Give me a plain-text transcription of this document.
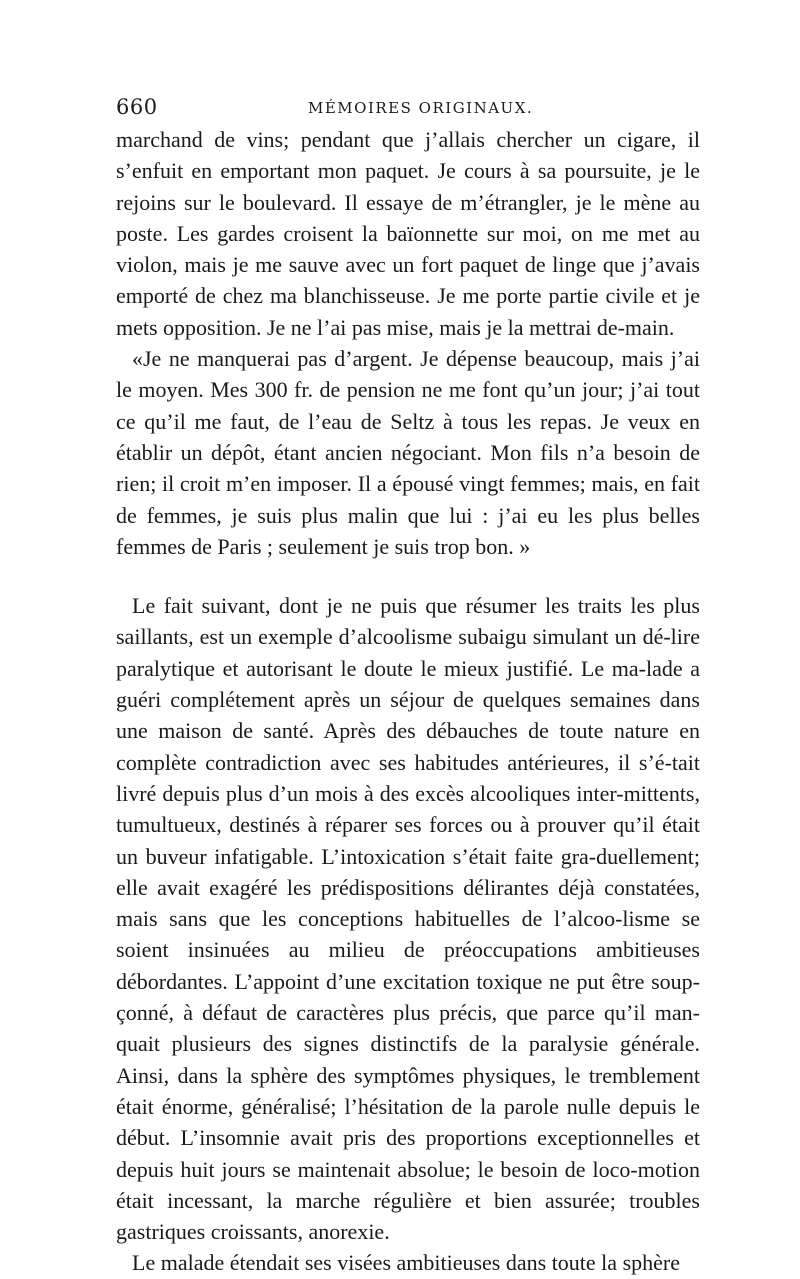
660	MÉMOIRES ORIGINAUX.

marchand de vins; pendant que j’allais chercher un cigare, il s’enfuit en emportant mon paquet. Je cours à sa poursuite, je le rejoins sur le boulevard. Il essaye de m’étrangler, je le mène au poste. Les gardes croisent la baïonnette sur moi, on me met au violon, mais je me sauve avec un fort paquet de linge que j’avais emporté de chez ma blanchisseuse. Je me porte partie civile et je mets opposition. Je ne l’ai pas mise, mais je la mettrai de-main.

«Je ne manquerai pas d’argent. Je dépense beaucoup, mais j’ai le moyen. Mes 300 fr. de pension ne me font qu’un jour; j’ai tout ce qu’il me faut, de l’eau de Seltz à tous les repas. Je veux en établir un dépôt, étant ancien négociant. Mon fils n’a besoin de rien; il croit m’en imposer. Il a épousé vingt femmes; mais, en fait de femmes, je suis plus malin que lui : j’ai eu les plus belles femmes de Paris ; seulement je suis trop bon. »

Le fait suivant, dont je ne puis que résumer les traits les plus saillants, est un exemple d’alcoolisme subaigu simulant un dé-lire paralytique et autorisant le doute le mieux justifié. Le ma-lade a guéri complétement après un séjour de quelques semaines dans une maison de santé. Après des débauches de toute nature en complète contradiction avec ses habitudes antérieures, il s’é-tait livré depuis plus d’un mois à des excès alcooliques inter-mittents, tumultueux, destinés à réparer ses forces ou à prouver qu’il était un buveur infatigable. L’intoxication s’était faite gra-duellement; elle avait exagéré les prédispositions délirantes déjà constatées, mais sans que les conceptions habituelles de l’alcoo-lisme se soient insinuées au milieu de préoccupations ambitieuses débordantes. L’appoint d’une excitation toxique ne put être soup-çonné, à défaut de caractères plus précis, que parce qu’il man-quait plusieurs des signes distinctifs de la paralysie générale. Ainsi, dans la sphère des symptômes physiques, le tremblement était énorme, généralisé; l’hésitation de la parole nulle depuis le début. L’insomnie avait pris des proportions exceptionnelles et depuis huit jours se maintenait absolue; le besoin de loco-motion était incessant, la marche régulière et bien assurée; troubles gastriques croissants, anorexie.

Le malade étendait ses visées ambitieuses dans toute la sphère
